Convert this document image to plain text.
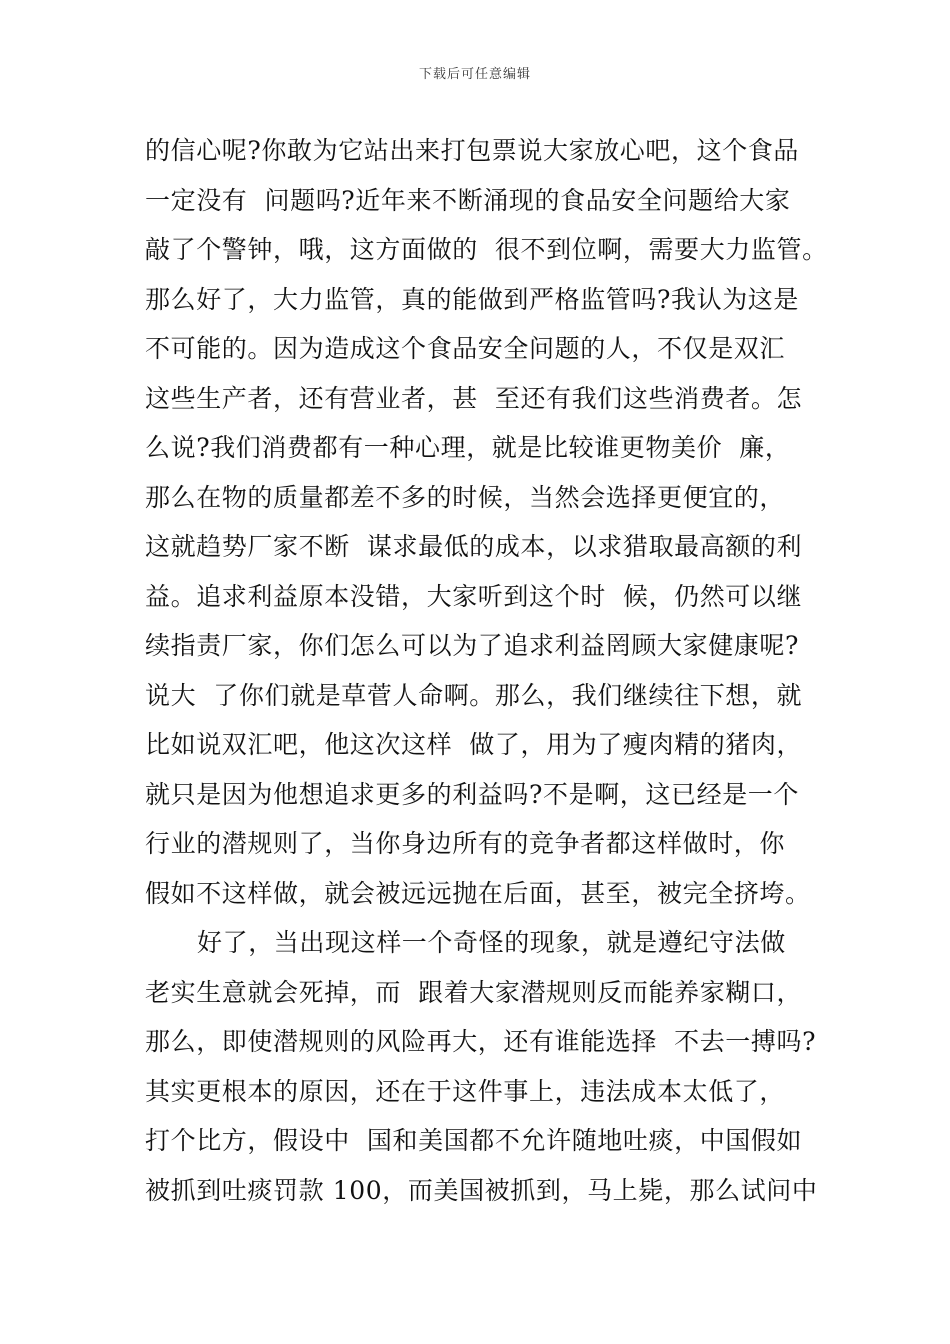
下载后可任意编辑
的信心呢?你敢为它站出来打包票说大家放心吧，这个食品
一定没有  问题吗?近年来不断涌现的食品安全问题给大家
敲了个警钟，哦，这方面做的  很不到位啊，需要大力监管。
那么好了，大力监管，真的能做到严格监管吗?我认为这是
不可能的。因为造成这个食品安全问题的人，不仅是双汇
这些生产者，还有营业者，甚  至还有我们这些消费者。怎
么说?我们消费都有一种心理，就是比较谁更物美价  廉，
那么在物的质量都差不多的时候，当然会选择更便宜的，
这就趋势厂家不断  谋求最低的成本，以求猎取最高额的利
益。追求利益原本没错，大家听到这个时  候，仍然可以继
续指责厂家，你们怎么可以为了追求利益罔顾大家健康呢?
说大  了你们就是草菅人命啊。那么，我们继续往下想，就
比如说双汇吧，他这次这样  做了，用为了瘦肉精的猪肉，
就只是因为他想追求更多的利益吗?不是啊，这已经是一个
行业的潜规则了，当你身边所有的竞争者都这样做时，你
假如不这样做，就会被远远抛在后面，甚至，被完全挤垮。
好了，当出现这样一个奇怪的现象，就是遵纪守法做
老实生意就会死掉，而  跟着大家潜规则反而能养家糊口，
那么，即使潜规则的风险再大，还有谁能选择  不去一搏吗?
其实更根本的原因，还在于这件事上，违法成本太低了，
打个比方，假设中  国和美国都不允许随地吐痰，中国假如
被抓到吐痰罚款 100，而美国被抓到，马上毙，那么试问中
